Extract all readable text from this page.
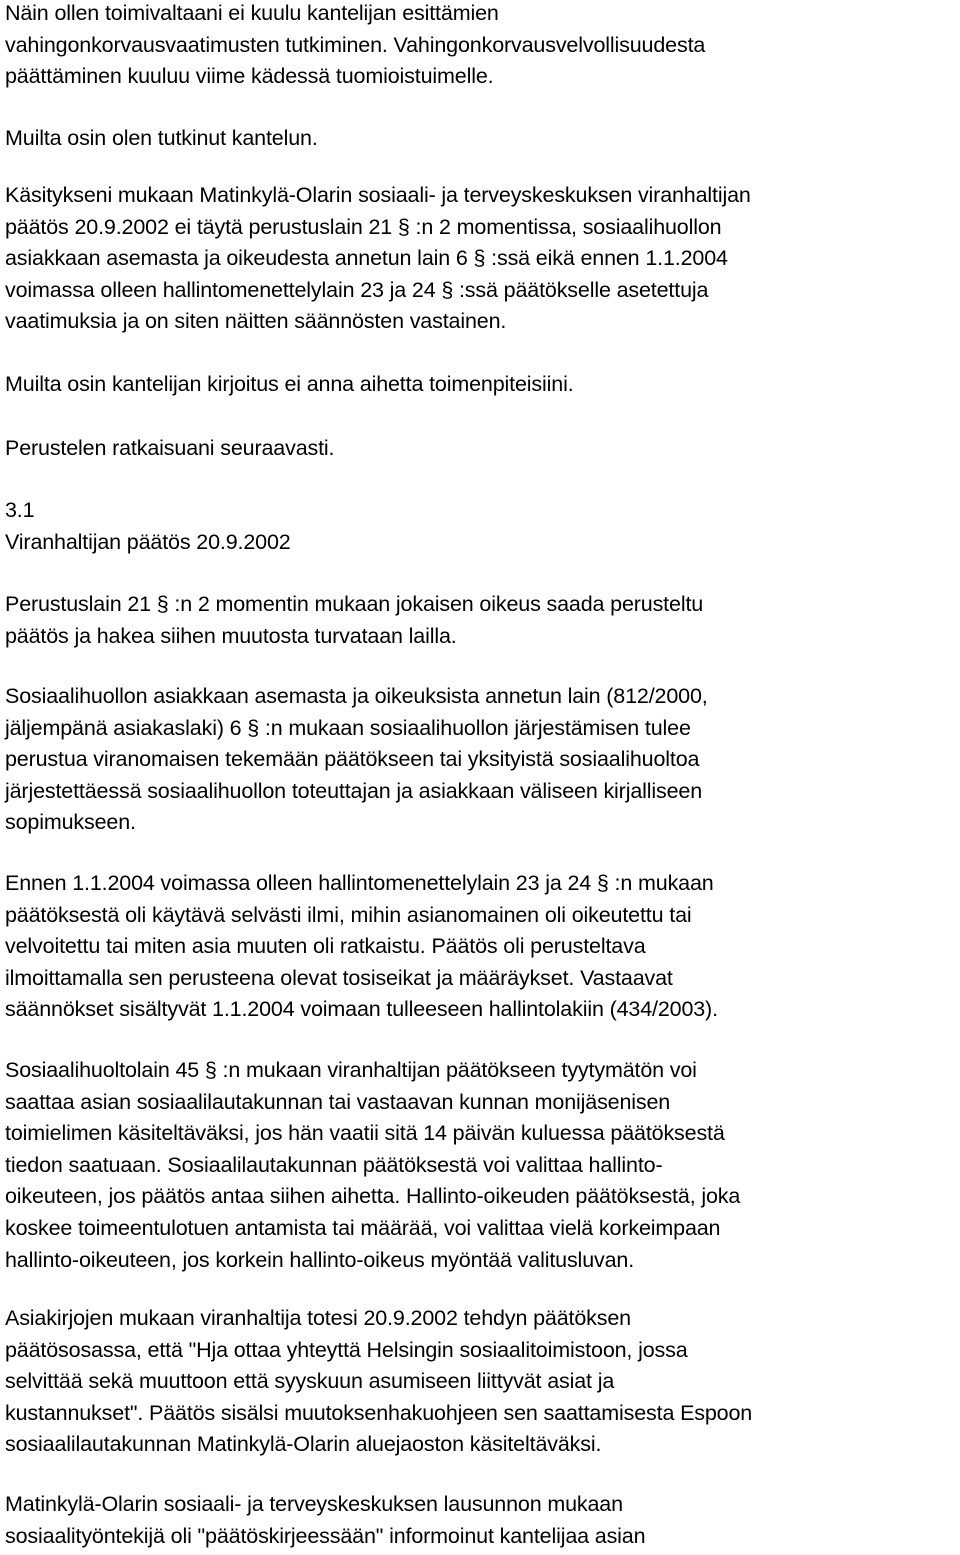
Näin ollen toimivaltaani ei kuulu kantelijan esittämien
vahingonkorvausvaatimusten tutkiminen. Vahingonkorvausvelvollisuudesta
päättäminen kuuluu viime kädessä tuomioistuimelle.
Muilta osin olen tutkinut kantelun.
Käsitykseni mukaan Matinkylä-Olarin sosiaali- ja terveyskeskuksen viranhaltijan
päätös 20.9.2002 ei täytä perustuslain 21 § :n 2 momentissa, sosiaalihuollon
asiakkaan asemasta ja oikeudesta annetun lain 6 § :ssä eikä ennen 1.1.2004
voimassa olleen hallintomenettelylain 23 ja 24 § :ssä päätökselle asetettuja
vaatimuksia ja on siten näitten säännösten vastainen.
Muilta osin kantelijan kirjoitus ei anna aihetta toimenpiteisiini.
Perustelen ratkaisuani seuraavasti.
3.1
Viranhaltijan päätös 20.9.2002
Perustuslain 21 § :n 2 momentin mukaan jokaisen oikeus saada perusteltu
päätös ja hakea siihen muutosta turvataan lailla.
Sosiaalihuollon asiakkaan asemasta ja oikeuksista annetun lain (812/2000,
jäljempänä asiakaslaki) 6 § :n mukaan sosiaalihuollon järjestämisen tulee
perustua viranomaisen tekemään päätökseen tai yksityistä sosiaalihuoltoa
järjestettäessä sosiaalihuollon toteuttajan ja asiakkaan väliseen kirjalliseen
sopimukseen.
Ennen 1.1.2004 voimassa olleen hallintomenettelylain 23 ja 24 § :n mukaan
päätöksestä oli käytävä selvästi ilmi, mihin asianomainen oli oikeutettu tai
velvoitettu tai miten asia muuten oli ratkaistu. Päätös oli perusteltava
ilmoittamalla sen perusteena olevat tosiseikat ja määräykset. Vastaavat
säännökset sisältyvät 1.1.2004 voimaan tulleeseen hallintolakiin (434/2003).
Sosiaalihuoltolain 45 § :n mukaan viranhaltijan päätökseen tyytymätön voi
saattaa asian sosiaalilautakunnan tai vastaavan kunnan monijäsenisen
toimielimen käsiteltäväksi, jos hän vaatii sitä 14 päivän kuluessa päätöksestä
tiedon saatuaan. Sosiaalilautakunnan päätöksestä voi valittaa hallinto-
oikeuteen, jos päätös antaa siihen aihetta. Hallinto-oikeuden päätöksestä, joka
koskee toimeentulotuen antamista tai määrää, voi valittaa vielä korkeimpaan
hallinto-oikeuteen, jos korkein hallinto-oikeus myöntää valitusluvan.
Asiakirjojen mukaan viranhaltija totesi 20.9.2002 tehdyn päätöksen
päätösosassa, että "Hja ottaa yhteyttä Helsingin sosiaalitoimistoon, jossa
selvittää sekä muuttoon että syyskuun asumiseen liittyvät asiat ja
kustannukset". Päätös sisälsi muutoksenhakuohjeen sen saattamisesta Espoon
sosiaalilautakunnan Matinkylä-Olarin aluejaoston käsiteltäväksi.
Matinkylä-Olarin sosiaali- ja terveyskeskuksen lausunnon mukaan
sosiaalityöntekijä oli "päätöskirjeessään" informoinut kantelijaa asian
